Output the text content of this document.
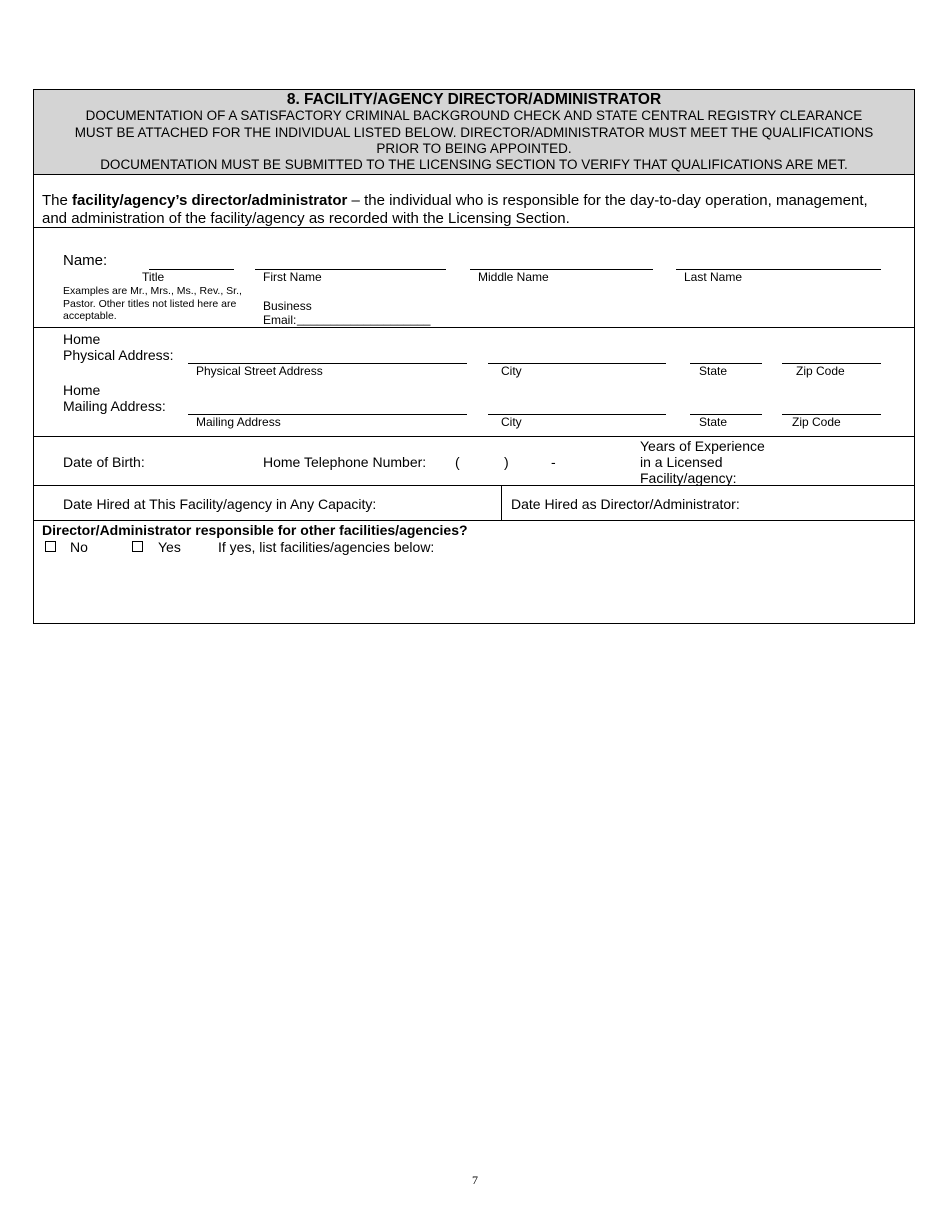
8. FACILITY/AGENCY DIRECTOR/ADMINISTRATOR
DOCUMENTATION OF A SATISFACTORY CRIMINAL BACKGROUND CHECK AND STATE CENTRAL REGISTRY CLEARANCE
MUST BE ATTACHED FOR THE INDIVIDUAL LISTED BELOW. DIRECTOR/ADMINISTRATOR MUST MEET THE QUALIFICATIONS
PRIOR TO BEING APPOINTED.
DOCUMENTATION MUST BE SUBMITTED TO THE LICENSING SECTION TO VERIFY THAT QUALIFICATIONS ARE MET.
The facility/agency’s director/administrator – the individual who is responsible for the day-to-day operation, management,
and administration of the facility/agency as recorded with the Licensing Section.
Name:
Title
Examples are Mr., Mrs., Ms., Rev., Sr., Pastor. Other titles not listed here are acceptable.
First Name	Middle Name	Last Name
Business
Email: ____________________
Home
Physical Address:
Physical Street Address	City	State	Zip Code
Home
Mailing Address:
Mailing Address	City	State	Zip Code
Date of Birth:	Home Telephone Number: (	)	-
Years of Experience
in a Licensed
Facility/agency:
Date Hired at This Facility/agency in Any Capacity:	Date Hired as Director/Administrator:
Director/Administrator responsible for other facilities/agencies?
No	Yes	If yes, list facilities/agencies below:
7
